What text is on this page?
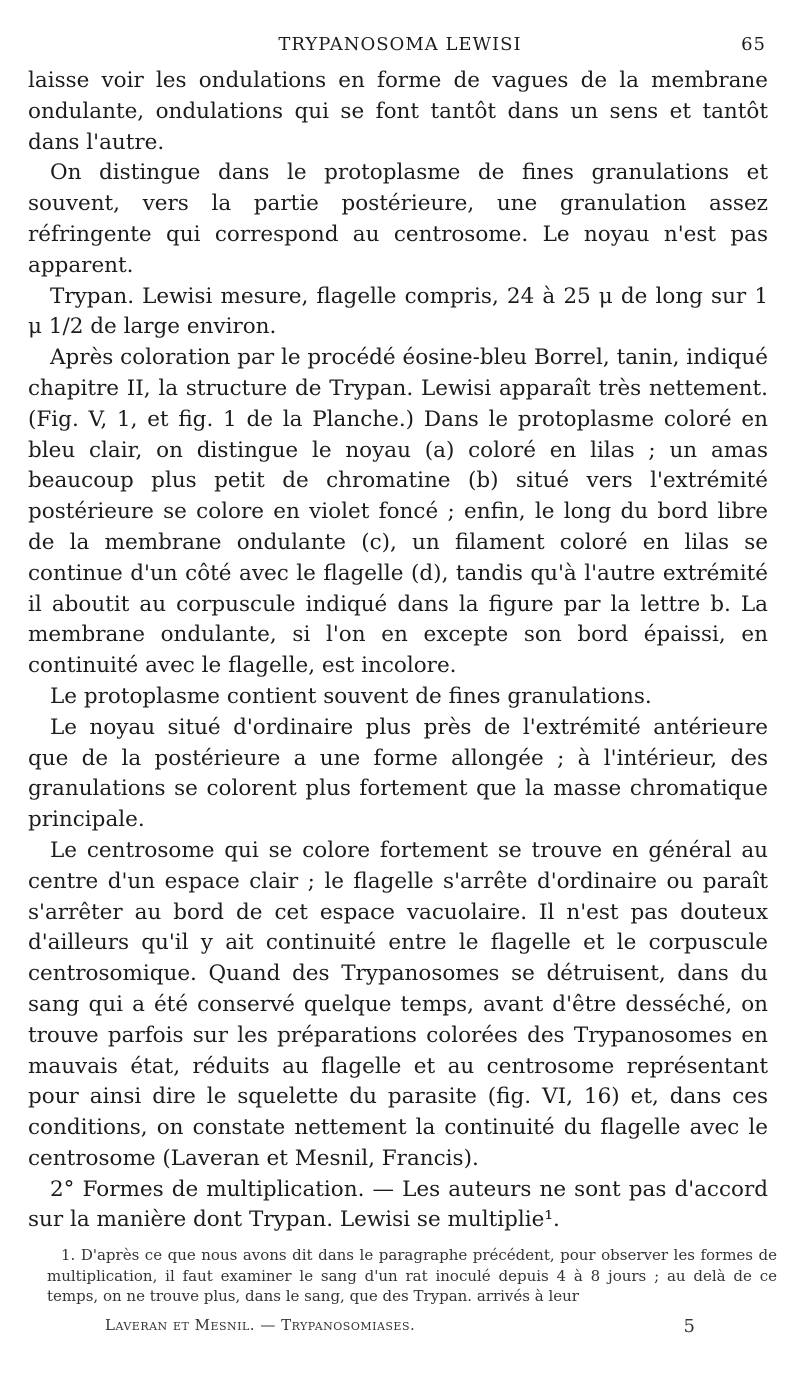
TRYPANOSOMA LEWISI	65

laisse voir les ondulations en forme de vagues de la membrane ondulante, ondulations qui se font tantôt dans un sens et tantôt dans l'autre.

On distingue dans le protoplasme de fines granulations et souvent, vers la partie postérieure, une granulation assez réfringente qui correspond au centrosome. Le noyau n'est pas apparent.

Trypan. Lewisi mesure, flagelle compris, 24 à 25 μ de long sur 1 μ 1/2 de large environ.

Après coloration par le procédé éosine-bleu Borrel, tanin, indiqué chapitre II, la structure de Trypan. Lewisi apparaît très nettement. (Fig. V, 1, et fig. 1 de la Planche.) Dans le protoplasme coloré en bleu clair, on distingue le noyau (a) coloré en lilas ; un amas beaucoup plus petit de chromatine (b) situé vers l'extrémité postérieure se colore en violet foncé ; enfin, le long du bord libre de la membrane ondulante (c), un filament coloré en lilas se continue d'un côté avec le flagelle (d), tandis qu'à l'autre extrémité il aboutit au corpuscule indiqué dans la figure par la lettre b. La membrane ondulante, si l'on en excepte son bord épaissi, en continuité avec le flagelle, est incolore.

Le protoplasme contient souvent de fines granulations.

Le noyau situé d'ordinaire plus près de l'extrémité antérieure que de la postérieure a une forme allongée ; à l'intérieur, des granulations se colorent plus fortement que la masse chromatique principale.

Le centrosome qui se colore fortement se trouve en général au centre d'un espace clair ; le flagelle s'arrête d'ordinaire ou paraît s'arrêter au bord de cet espace vacuolaire. Il n'est pas douteux d'ailleurs qu'il y ait continuité entre le flagelle et le corpuscule centrosomique. Quand des Trypanosomes se détruisent, dans du sang qui a été conservé quelque temps, avant d'être desséché, on trouve parfois sur les préparations colorées des Trypanosomes en mauvais état, réduits au flagelle et au centrosome représentant pour ainsi dire le squelette du parasite (fig. VI, 16) et, dans ces conditions, on constate nettement la continuité du flagelle avec le centrosome (Laveran et Mesnil, Francis).

2° Formes de multiplication. — Les auteurs ne sont pas d'accord sur la manière dont Trypan. Lewisi se multiplie¹.

1. D'après ce que nous avons dit dans le paragraphe précédent, pour observer les formes de multiplication, il faut examiner le sang d'un rat inoculé depuis 4 à 8 jours ; au delà de ce temps, on ne trouve plus, dans le sang, que des Trypan. arrivés à leur

Laveran et Mesnil. — Trypanosomiases.	5
